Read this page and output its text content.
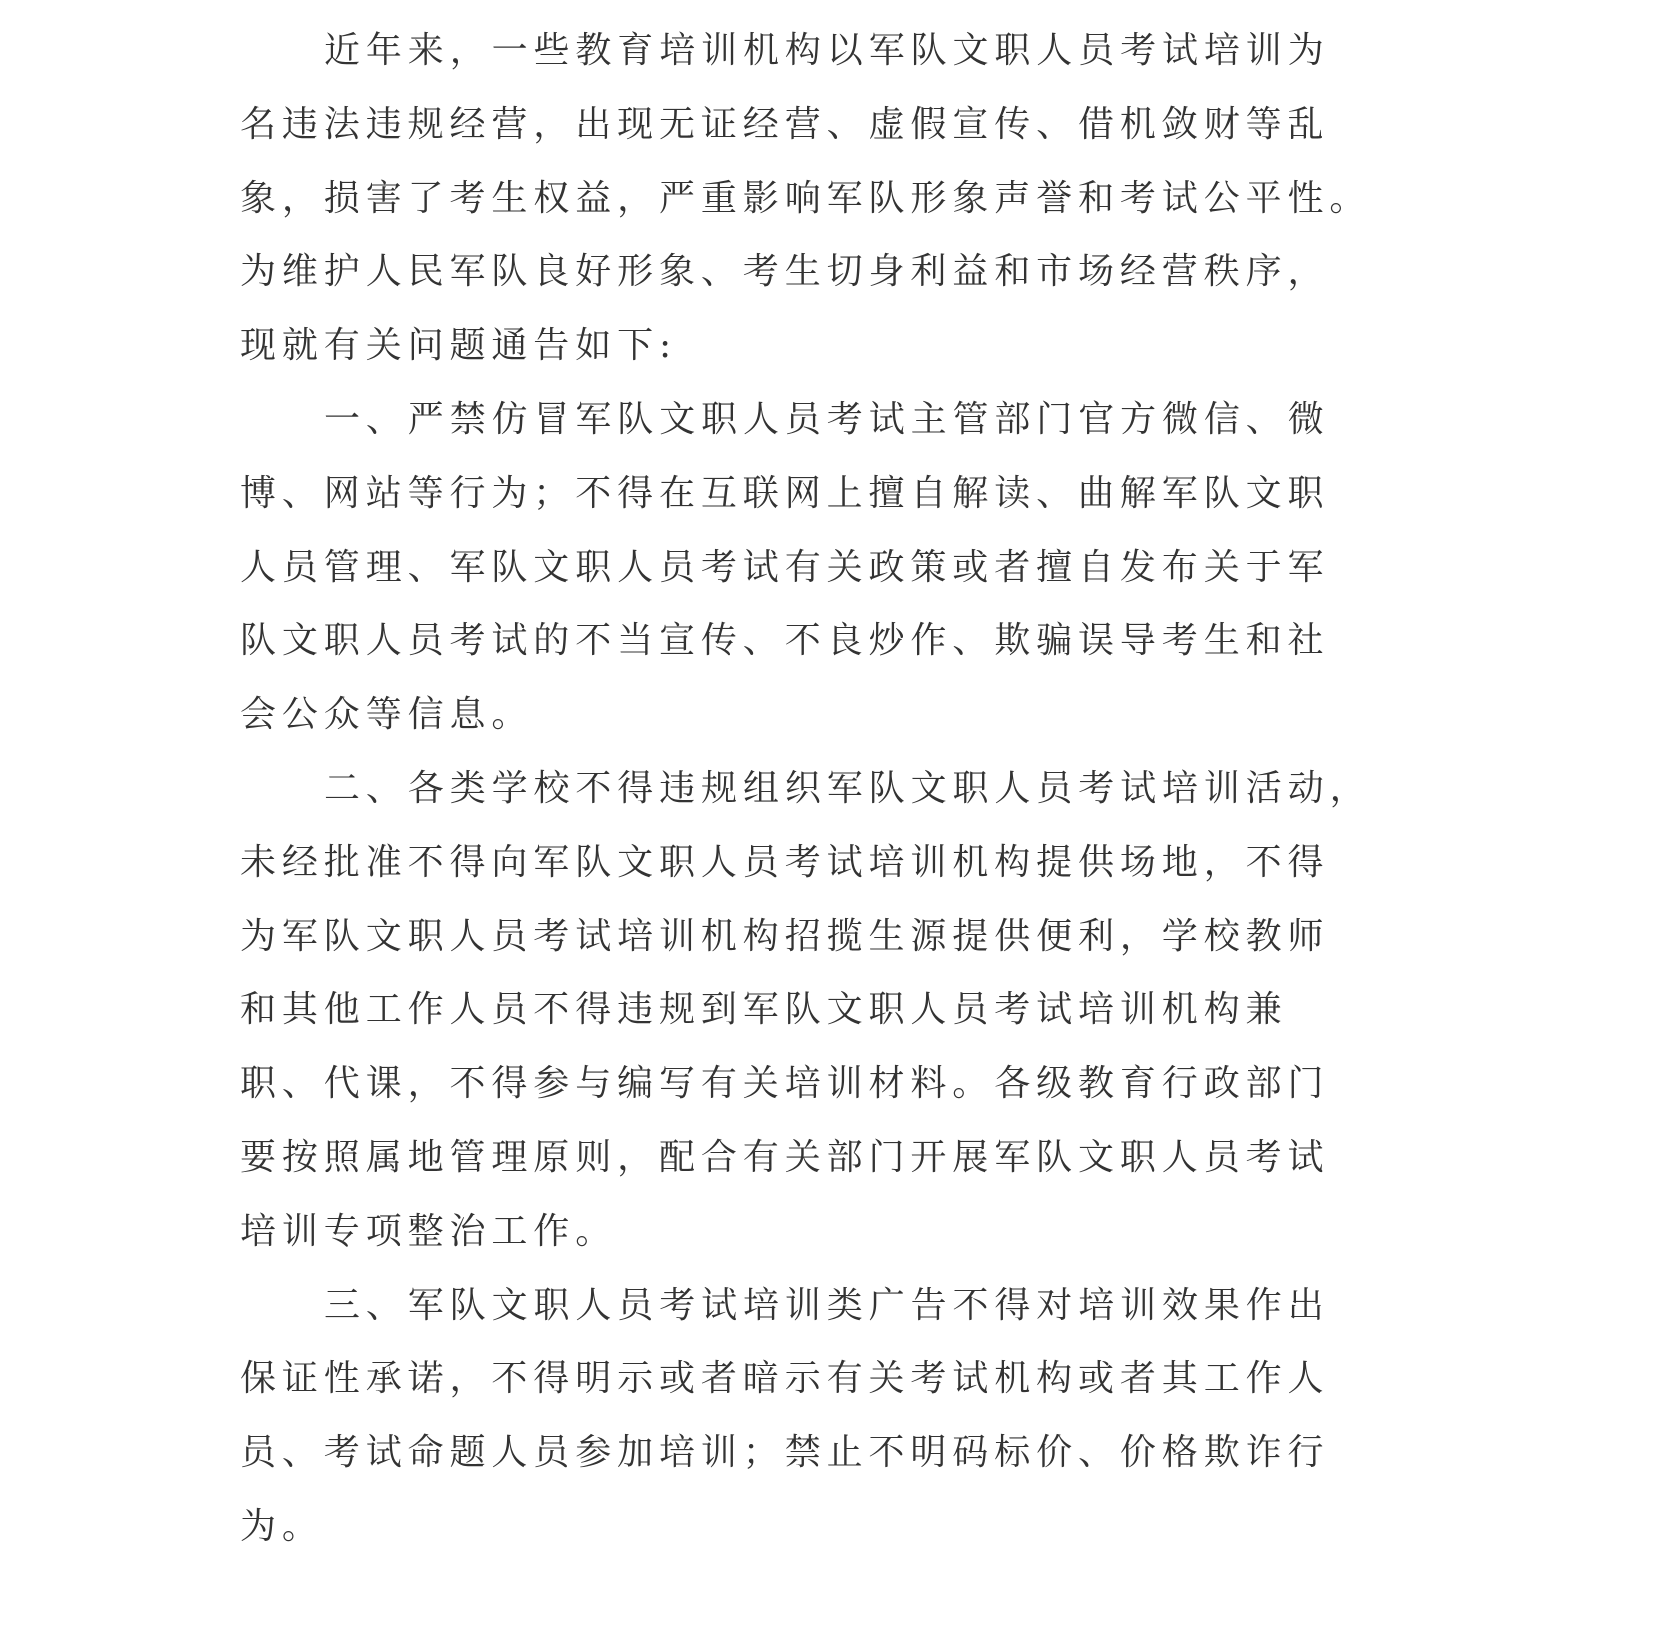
近年来，一些教育培训机构以军队文职人员考试培训为
名违法违规经营，出现无证经营、虚假宣传、借机敛财等乱
象，损害了考生权益，严重影响军队形象声誉和考试公平性。
为维护人民军队良好形象、考生切身利益和市场经营秩序，
现就有关问题通告如下:
一、严禁仿冒军队文职人员考试主管部门官方微信、微
博、网站等行为；不得在互联网上擅自解读、曲解军队文职
人员管理、军队文职人员考试有关政策或者擅自发布关于军
队文职人员考试的不当宣传、不良炒作、欺骗误导考生和社
会公众等信息。
二、各类学校不得违规组织军队文职人员考试培训活动，
未经批准不得向军队文职人员考试培训机构提供场地，不得
为军队文职人员考试培训机构招揽生源提供便利，学校教师
和其他工作人员不得违规到军队文职人员考试培训机构兼
职、代课，不得参与编写有关培训材料。各级教育行政部门
要按照属地管理原则，配合有关部门开展军队文职人员考试
培训专项整治工作。
三、军队文职人员考试培训类广告不得对培训效果作出
保证性承诺，不得明示或者暗示有关考试机构或者其工作人
员、考试命题人员参加培训；禁止不明码标价、价格欺诈行
为。
